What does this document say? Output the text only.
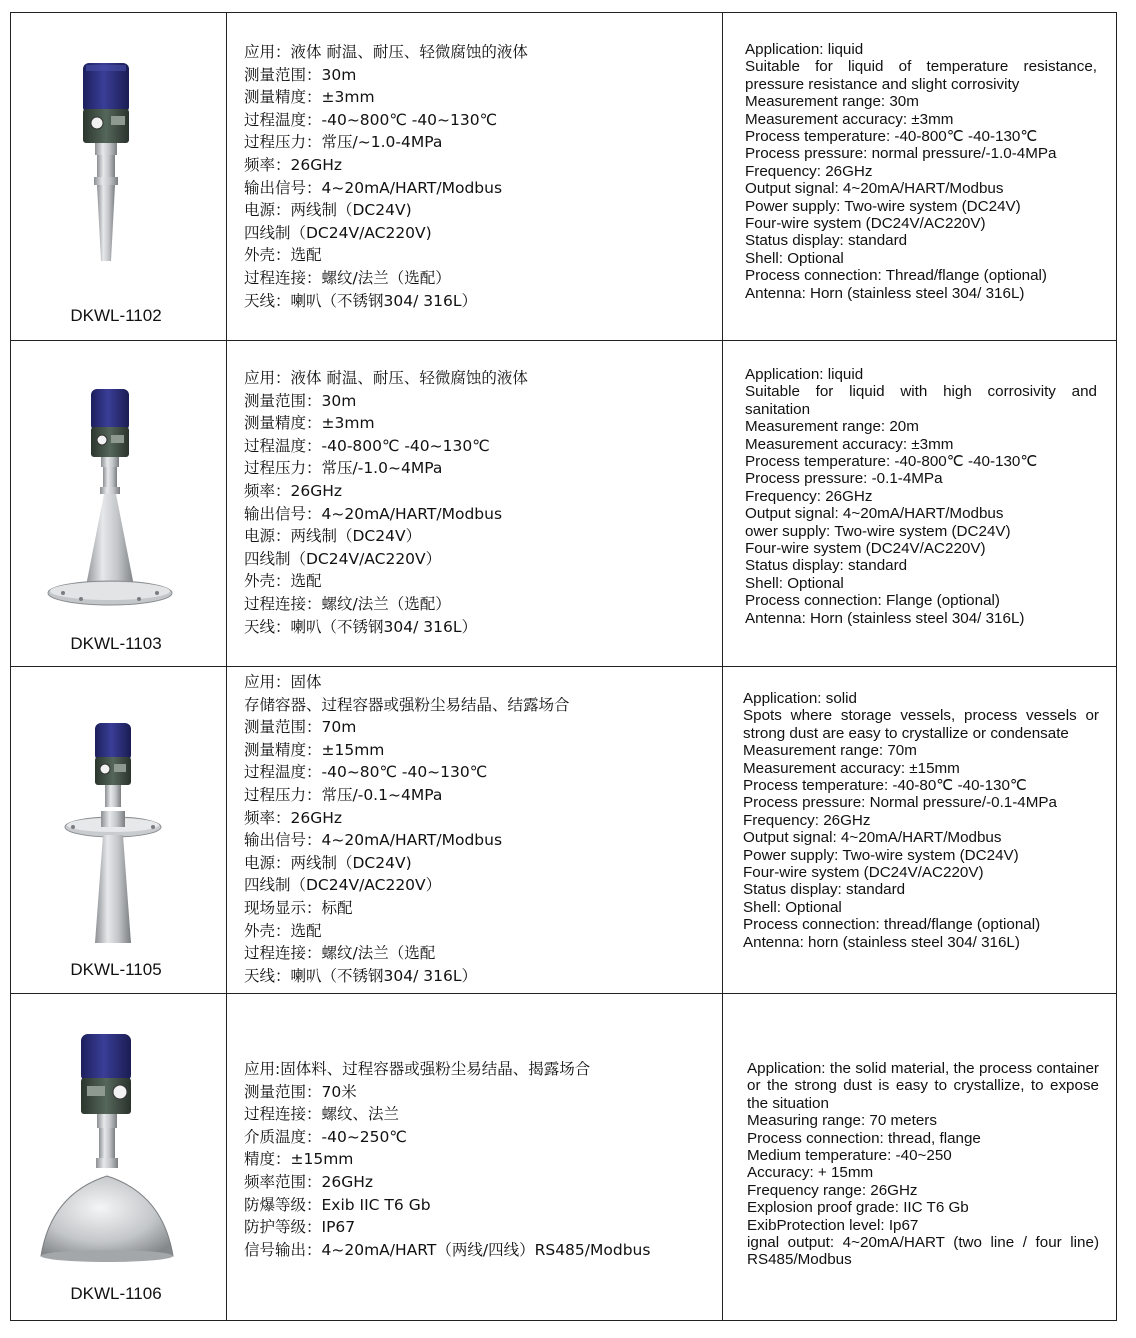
DKWL-1102
应用：液体 耐温、耐压、轻微腐蚀的液体
测量范围：30m
测量精度：±3mm
过程温度：-40~800℃ -40~130℃
过程压力：常压/~1.0-4MPa
频率：26GHz
输出信号：4~20mA/HART/Modbus
电源：两线制（DC24V)
四线制（DC24V/AC220V)
外壳：选配
过程连接：螺纹/法兰（选配）
天线：喇叭（不锈钢304/ 316L）
Application: liquid
Suitable for liquid of temperature resistance, pressure resistance and slight corrosivity
Measurement range: 30m
Measurement accuracy: ±3mm
Process temperature: -40-800℃ -40-130℃
Process pressure: normal pressure/-1.0-4MPa
Frequency: 26GHz
Output signal: 4~20mA/HART/Modbus
Power supply: Two-wire system (DC24V)
Four-wire system (DC24V/AC220V)
Status display: standard
Shell: Optional
Process connection: Thread/flange (optional)
Antenna: Horn (stainless steel 304/ 316L)
DKWL-1103
应用：液体 耐温、耐压、轻微腐蚀的液体
测量范围：30m
测量精度：±3mm
过程温度：-40-800℃ -40~130℃
过程压力：常压/-1.0~4MPa
频率：26GHz
输出信号：4~20mA/HART/Modbus
电源：两线制（DC24V）
四线制（DC24V/AC220V）
外壳：选配
过程连接：螺纹/法兰（选配）
天线：喇叭（不锈钢304/ 316L）
Application: liquid
Suitable for liquid with high corrosivity and sanitation
Measurement range: 20m
Measurement accuracy: ±3mm
Process temperature: -40-800℃ -40-130℃
Process pressure: -0.1-4MPa
Frequency: 26GHz
Output signal: 4~20mA/HART/Modbus
ower supply: Two-wire system (DC24V)
Four-wire system (DC24V/AC220V)
Status display: standard
Shell: Optional
Process connection: Flange (optional)
Antenna: Horn (stainless steel 304/ 316L)
DKWL-1105
应用：固体
存储容器、过程容器或强粉尘易结晶、结露场合
测量范围：70m
测量精度：±15mm
过程温度：-40~80℃ -40~130℃
过程压力：常压/-0.1~4MPa
频率：26GHz
输出信号：4~20mA/HART/Modbus
电源：两线制（DC24V)
四线制（DC24V/AC220V）
现场显示：标配
外壳：选配
过程连接：螺纹/法兰（选配
天线：喇叭（不锈钢304/ 316L）
Application: solid
Spots where storage vessels, process vessels or strong dust are easy to crystallize or condensate
Measurement range: 70m
Measurement accuracy: ±15mm
Process temperature: -40-80℃ -40-130℃
Process pressure: Normal pressure/-0.1-4MPa
Frequency: 26GHz
Output signal: 4~20mA/HART/Modbus
Power supply: Two-wire system (DC24V)
Four-wire system (DC24V/AC220V)
Status display: standard
Shell: Optional
Process connection: thread/flange (optional)
Antenna: horn (stainless steel 304/ 316L)
DKWL-1106
应用:固体料、过程容器或强粉尘易结晶、揭露场合
测量范围：70米
过程连接：螺纹、法兰
介质温度：-40~250℃
精度：±15mm
频率范围：26GHz
防爆等级：Exib IIC T6 Gb
防护等级：IP67
信号输出：4~20mA/HART（两线/四线）RS485/Modbus
Application: the solid material, the process container or the strong dust is easy to crystallize, to expose the situation
Measuring range: 70 meters
Process connection: thread, flange
Medium temperature: -40~250
Accuracy: + 15mm
Frequency range: 26GHz
Explosion proof grade: IIC T6 Gb
ExibProtection level: Ip67
ignal output: 4~20mA/HART (two line / four line) RS485/Modbus
